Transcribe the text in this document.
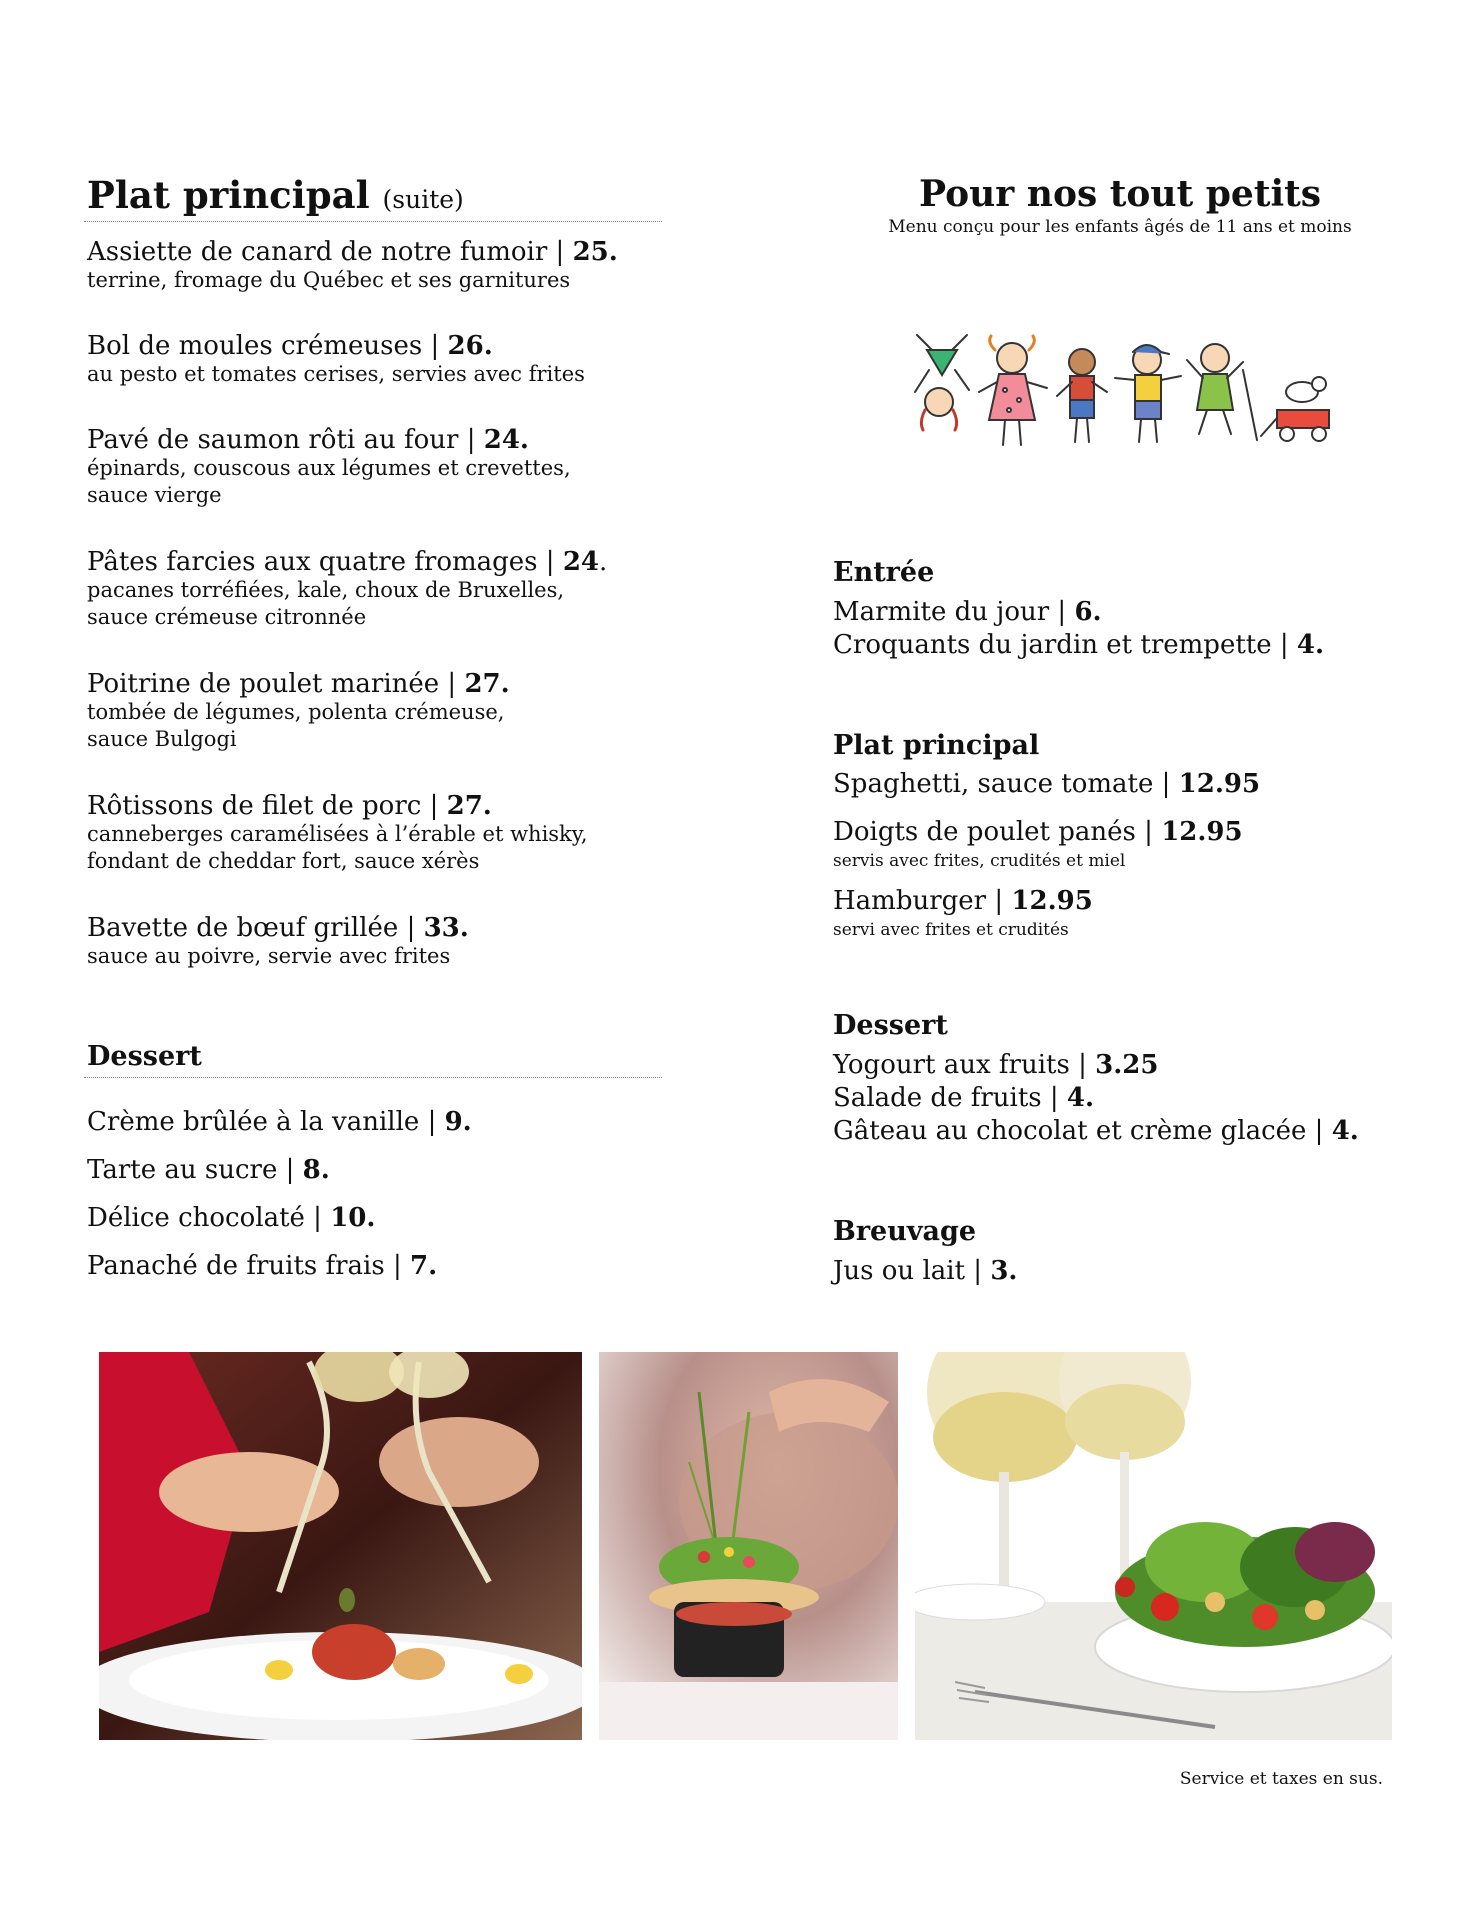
Plat principal (suite)
Assiette de canard de notre fumoir | 25.
terrine, fromage du Québec et ses garnitures
Bol de moules crémeuses | 26.
au pesto et tomates cerises, servies avec frites
Pavé de saumon rôti au four | 24.
épinards, couscous aux légumes et crevettes,
sauce vierge
Pâtes farcies aux quatre fromages | 24.
pacanes torréfiées, kale, choux de Bruxelles,
sauce crémeuse citronnée
Poitrine de poulet marinée | 27.
tombée de légumes, polenta crémeuse,
sauce Bulgogi
Rôtissons de filet de porc | 27.
canneberges caramélisées à l’érable et whisky,
fondant de cheddar fort, sauce xérès
Bavette de bœuf grillée | 33.
sauce au poivre, servie avec frites
Dessert
Crème brûlée à la vanille | 9.
Tarte au sucre | 8.
Délice chocolaté | 10.
Panaché de fruits frais | 7.
Pour nos tout petits
Menu conçu pour les enfants âgés de 11 ans et moins
Entrée
Marmite du jour | 6.
Croquants du jardin et trempette | 4.
Plat principal
Spaghetti, sauce tomate | 12.95
Doigts de poulet panés | 12.95
servis avec frites, crudités et miel
Hamburger | 12.95
servi avec frites et crudités
Dessert
Yogourt aux fruits | 3.25
Salade de fruits | 4.
Gâteau au chocolat et crème glacée | 4.
Breuvage
Jus ou lait | 3.
Service et taxes en sus.
